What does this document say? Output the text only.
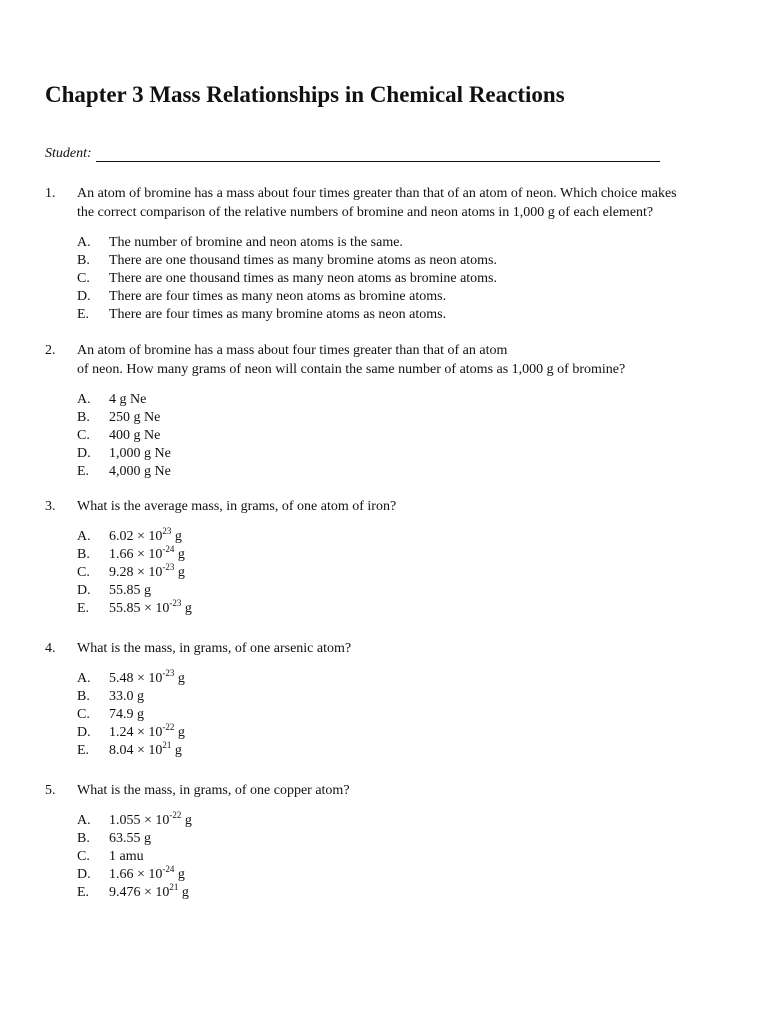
Chapter 3 Mass Relationships in Chemical Reactions
Student:
1.	An atom of bromine has a mass about four times greater than that of an atom of neon. Which choice makes
the correct comparison of the relative numbers of bromine and neon atoms in 1,000 g of each element?
A.	The number of bromine and neon atoms is the same.
B.	There are one thousand times as many bromine atoms as neon atoms.
C.	There are one thousand times as many neon atoms as bromine atoms.
D.	There are four times as many neon atoms as bromine atoms.
E.	There are four times as many bromine atoms as neon atoms.
2.	An atom of bromine has a mass about four times greater than that of an atom
of neon. How many grams of neon will contain the same number of atoms as 1,000 g of bromine?
A.	4 g Ne
B.	250 g Ne
C.	400 g Ne
D.	1,000 g Ne
E.	4,000 g Ne
3.	What is the average mass, in grams, of one atom of iron?
A.	$6.02 \times 10^{23}$ g
B.	$1.66 \times 10^{-24}$ g
C.	$9.28 \times 10^{-23}$ g
D.	55.85 g
E.	$55.85 \times 10^{-23}$ g
4.	What is the mass, in grams, of one arsenic atom?
A.	$5.48 \times 10^{-23}$ g
B.	33.0 g
C.	74.9 g
D.	$1.24 \times 10^{-22}$ g
E.	$8.04 \times 10^{21}$ g
5.	What is the mass, in grams, of one copper atom?
A.	$1.055 \times 10^{-22}$ g
B.	63.55 g
C.	1 amu
D.	$1.66 \times 10^{-24}$ g
E.	$9.476 \times 10^{21}$ g
